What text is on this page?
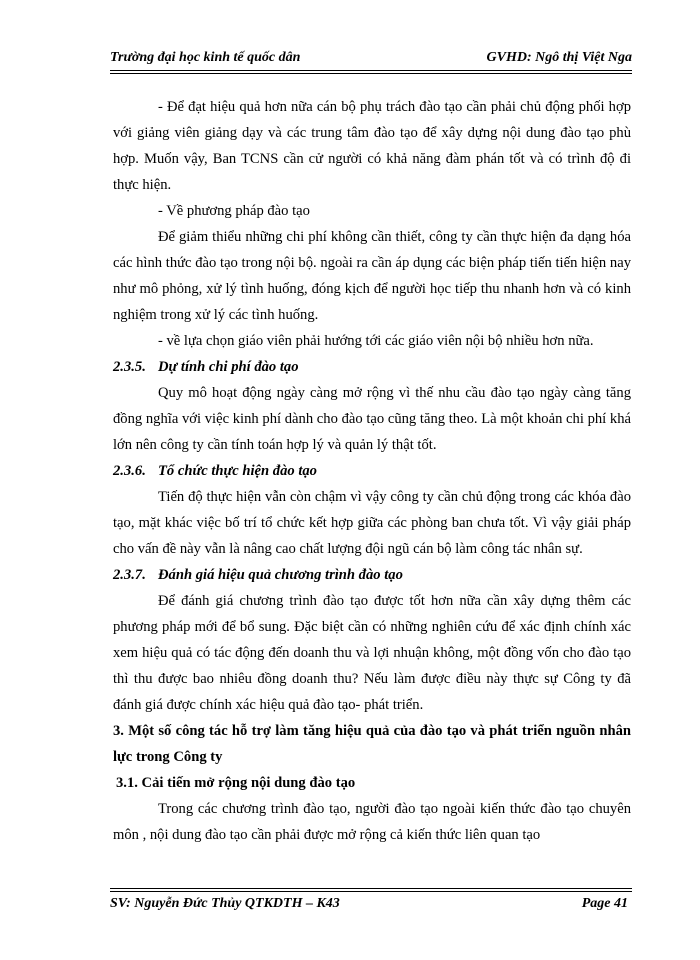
Trường đại học kinh tế quốc dân	GVHD: Ngô thị Việt Nga

- Để đạt hiệu quả hơn nữa cán bộ phụ trách đào tạo cần phải chủ động phối hợp với giảng viên giảng dạy và các trung tâm đào tạo để xây dựng nội dung đào tạo phù hợp. Muốn vậy, Ban TCNS cần cử người có khả năng đàm phán tốt và có trình độ đi thực hiện.

- Về phương pháp đào tạo

Để giảm thiểu những chi phí không cần thiết, công ty cần thực hiện đa dạng hóa các hình thức đào tạo trong nội bộ. ngoài ra cần áp dụng các biện pháp tiến tiến hiện nay như mô phỏng, xử lý tình huống, đóng kịch để người học tiếp thu nhanh hơn và có kinh nghiệm trong xử lý các tình huống.

- về lựa chọn giáo viên phải hướng tới các giáo viên nội bộ nhiều hơn nữa.

2.3.5. Dự tính chi phí đào tạo

Quy mô hoạt động ngày càng mở rộng vì thế nhu cầu đào tạo ngày càng tăng đồng nghĩa với việc kinh phí dành cho đào tạo cũng tăng theo. Là một khoản chi phí khá lớn nên công ty cần tính toán hợp lý và quản lý thật tốt.

2.3.6. Tổ chức thực hiện đào tạo

Tiến độ thực hiện vẫn còn chậm vì vậy công ty cần chủ động trong các khóa đào tạo, mặt khác việc bố trí tổ chức kết hợp giữa các phòng ban chưa tốt. Vì vậy giải pháp cho vấn đề này vẫn là nâng cao chất lượng đội ngũ cán bộ làm công tác nhân sự.

2.3.7. Đánh giá hiệu quả chương trình đào tạo

Để đánh giá chương trình đào tạo được tốt hơn nữa cần xây dựng thêm các phương pháp mới để bổ sung. Đặc biệt cần có những nghiên cứu để xác định chính xác xem hiệu quả có tác động đến doanh thu và lợi nhuận không, một đồng vốn cho đào tạo thì thu được bao nhiêu đồng doanh thu? Nếu làm được điều này thực sự Công ty đã đánh giá được chính xác hiệu quả đào tạo- phát triển.

3. Một số công tác hỗ trợ làm tăng hiệu quả của đào tạo và phát triển nguồn nhân lực trong Công ty

3.1. Cải tiến mở rộng nội dung đào tạo

Trong các chương trình đào tạo, người đào tạo ngoài kiến thức đào tạo chuyên môn , nội dung đào tạo cần phải được mở rộng cả kiến thức liên quan tạo

SV: Nguyễn Đức Thủy QTKDTH – K43	Page 41
